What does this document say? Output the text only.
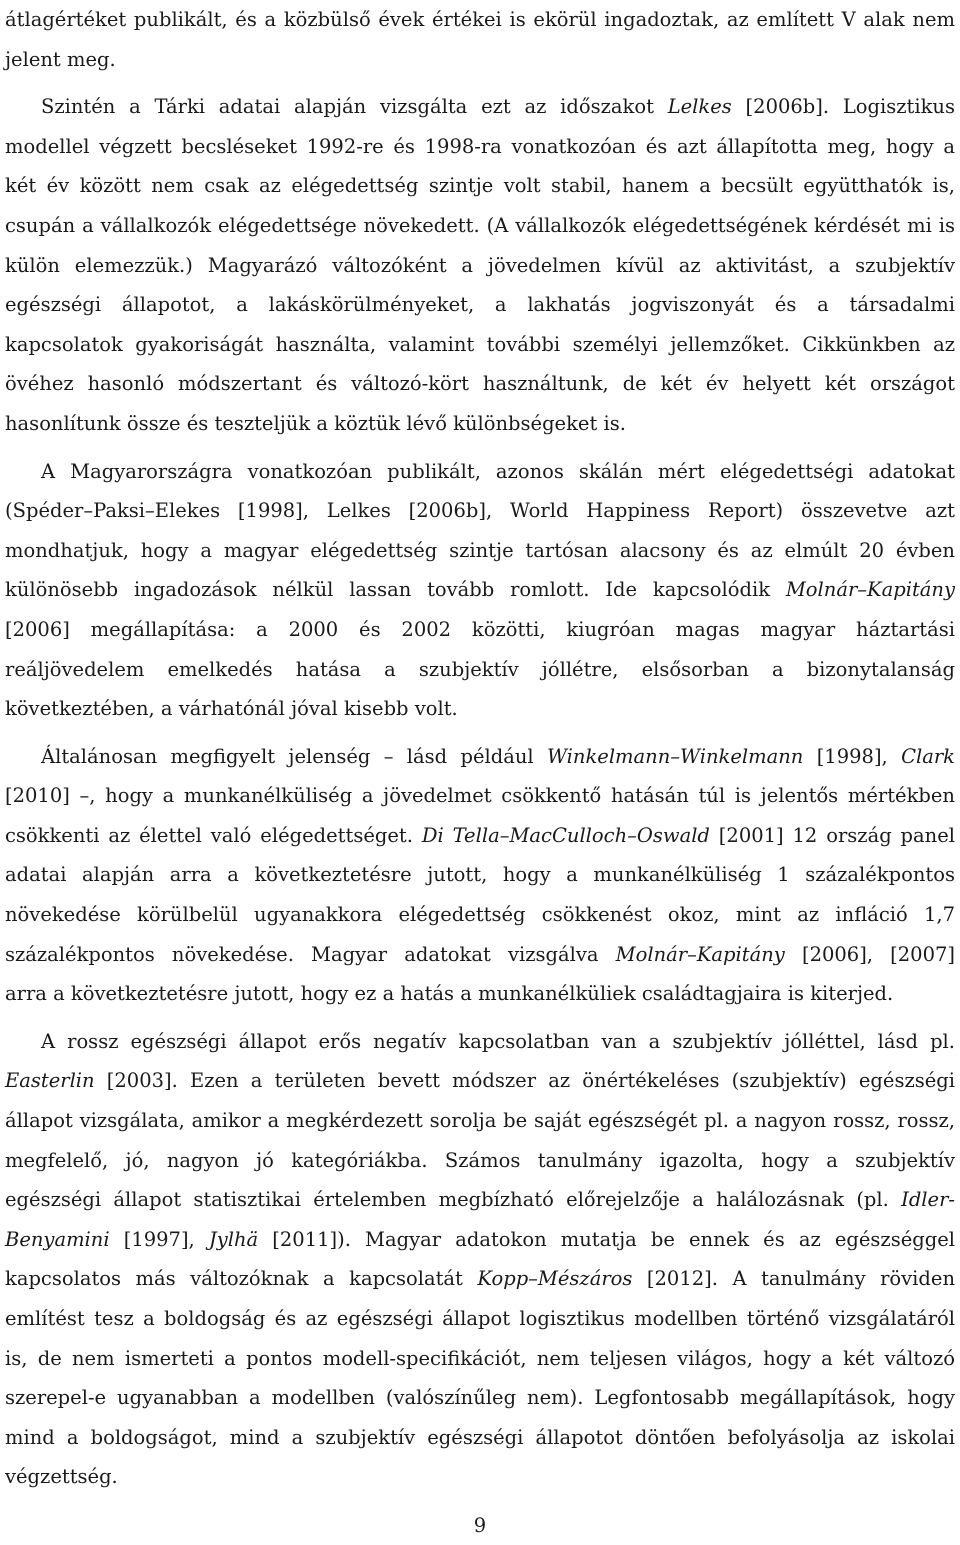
átlagértéket publikált, és a közbülső évek értékei is ekörül ingadoztak, az említett V alak nem
jelent meg.
Szintén a Tárki adatai alapján vizsgálta ezt az időszakot Lelkes [2006b]. Logisztikus
modellel végzett becsléseket 1992-re és 1998-ra vonatkozóan és azt állapította meg, hogy a
két év között nem csak az elégedettség szintje volt stabil, hanem a becsült együtthatók is,
csupán a vállalkozók elégedettsége növekedett. (A vállalkozók elégedettségének kérdését mi is
külön elemezzük.) Magyarázó változóként a jövedelmen kívül az aktivitást, a szubjektív
egészségi állapotot, a lakáskörülményeket, a lakhatás jogviszonyát és a társadalmi
kapcsolatok gyakoriságát használta, valamint további személyi jellemzőket. Cikkünkben az
övéhez hasonló módszertant és változó-kört használtunk, de két év helyett két országot
hasonlítunk össze és teszteljük a köztük lévő különbségeket is.
A Magyarországra vonatkozóan publikált, azonos skálán mért elégedettségi adatokat
(Spéder–Paksi–Elekes [1998], Lelkes [2006b], World Happiness Report) összevetve azt
mondhatjuk, hogy a magyar elégedettség szintje tartósan alacsony és az elmúlt 20 évben
különösebb ingadozások nélkül lassan tovább romlott. Ide kapcsolódik Molnár–Kapitány
[2006] megállapítása: a 2000 és 2002 közötti, kiugróan magas magyar háztartási
reáljövedelem emelkedés hatása a szubjektív jóllétre, elsősorban a bizonytalanság
következtében, a várhatónál jóval kisebb volt.
Általánosan megfigyelt jelenség – lásd például Winkelmann–Winkelmann [1998], Clark
[2010] –, hogy a munkanélküliség a jövedelmet csökkentő hatásán túl is jelentős mértékben
csökkenti az élettel való elégedettséget. Di Tella–MacCulloch–Oswald [2001] 12 ország panel
adatai alapján arra a következtetésre jutott, hogy a munkanélküliség 1 százalékpontos
növekedése körülbelül ugyanakkora elégedettség csökkenést okoz, mint az infláció 1,7
százalékpontos növekedése. Magyar adatokat vizsgálva Molnár–Kapitány [2006], [2007]
arra a következtetésre jutott, hogy ez a hatás a munkanélküliek családtagjaira is kiterjed.
A rossz egészségi állapot erős negatív kapcsolatban van a szubjektív jólléttel, lásd pl.
Easterlin [2003]. Ezen a területen bevett módszer az önértékeléses (szubjektív) egészségi
állapot vizsgálata, amikor a megkérdezett sorolja be saját egészségét pl. a nagyon rossz, rossz,
megfelelő, jó, nagyon jó kategóriákba. Számos tanulmány igazolta, hogy a szubjektív
egészségi állapot statisztikai értelemben megbízható előrejelzője a halálozásnak (pl. Idler-
Benyamini [1997], Jylhä [2011]). Magyar adatokon mutatja be ennek és az egészséggel
kapcsolatos más változóknak a kapcsolatát Kopp–Mészáros [2012]. A tanulmány röviden
említést tesz a boldogság és az egészségi állapot logisztikus modellben történő vizsgálatáról
is, de nem ismerteti a pontos modell-specifikációt, nem teljesen világos, hogy a két változó
szerepel-e ugyanabban a modellben (valószínűleg nem). Legfontosabb megállapítások, hogy
mind a boldogságot, mind a szubjektív egészségi állapotot döntően befolyásolja az iskolai
végzettség.
9
